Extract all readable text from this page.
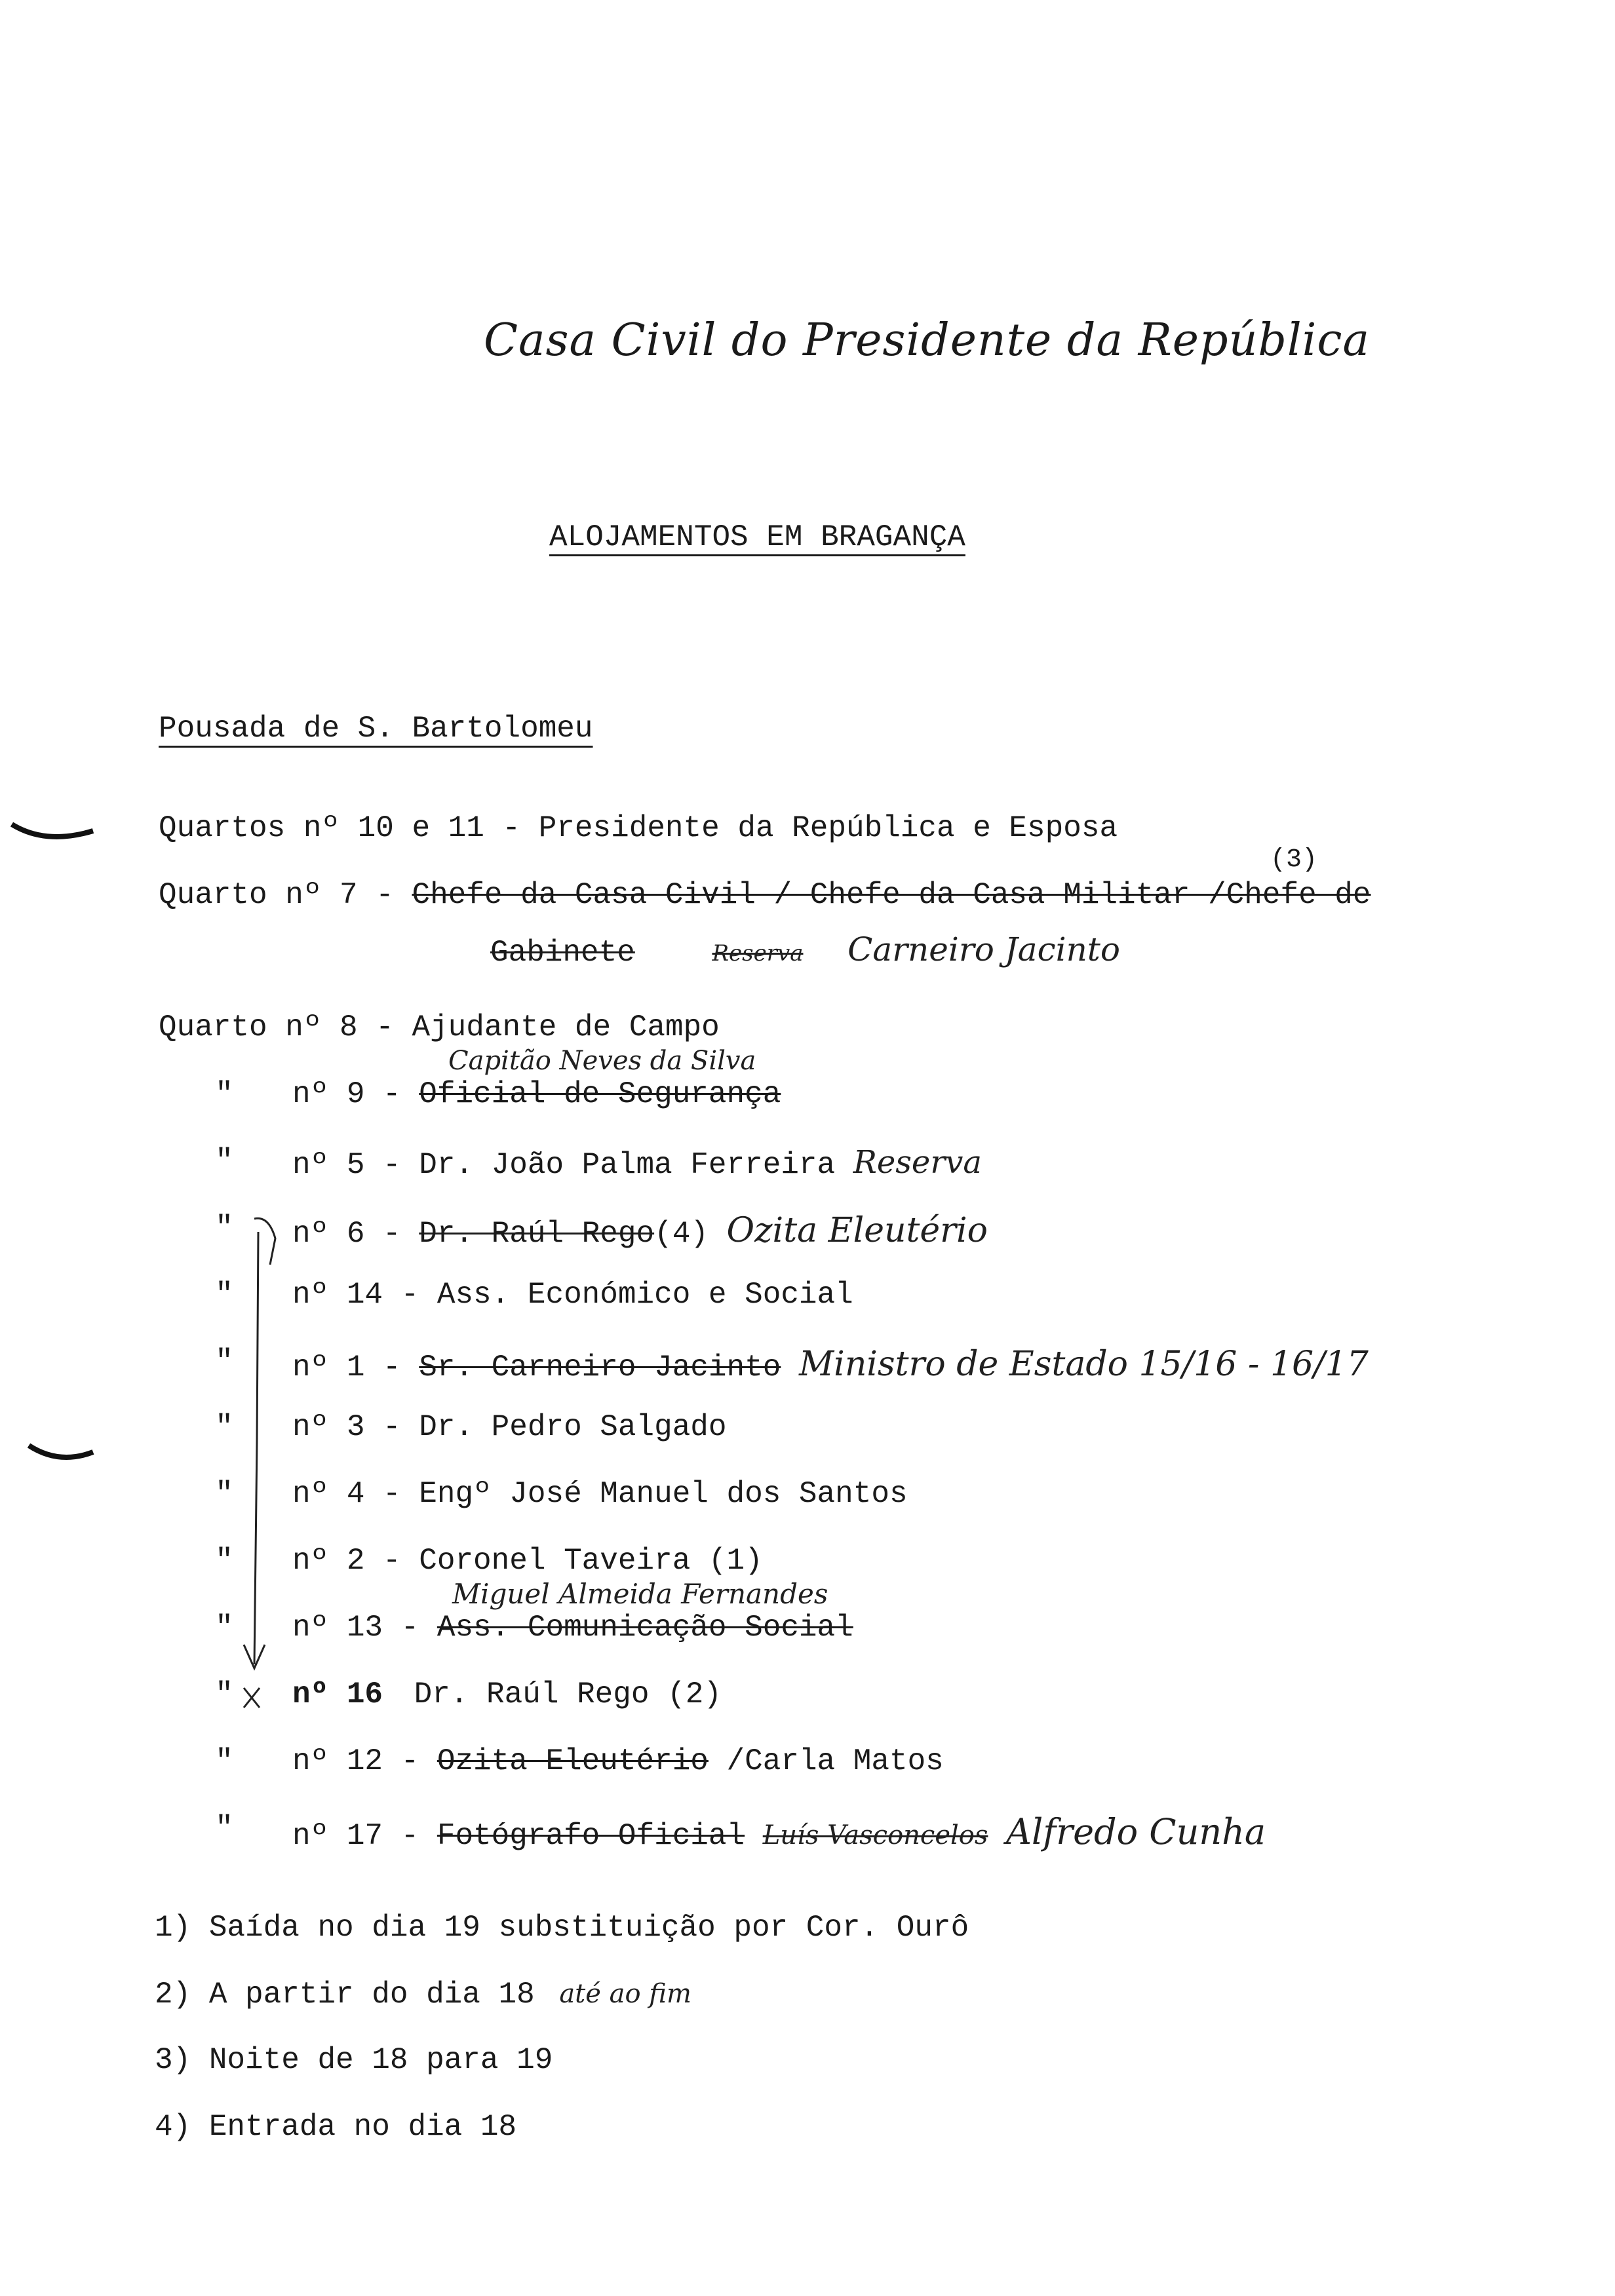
Casa Civil do Presidente da República
ALOJAMENTOS EM BRAGANÇA
Pousada de S. Bartolomeu
Quartos nº 10 e 11 - Presidente da República e Esposa
(3)
Quarto nº 7 - Chefe da Casa Civil / Chefe da Casa Militar /Chefe de
Gabinete	Reserva Carneiro Jacinto
Quarto nº 8 - Ajudante de Campo
Capitão Neves da Silva
" nº 9 - Oficial de Segurança
" nº 5 - Dr. João Palma Ferreira Reserva
" nº 6 - Dr. Raúl Rego(4) Ozita Eleutério
" nº 14 - Ass. Económico e Social
" nº 1 - Sr. Carneiro Jacinto Ministro de Estado 15/16 - 16/17
" nº 3 - Dr. Pedro Salgado
" nº 4 - Engº José Manuel dos Santos
" nº 2 - Coronel Taveira (1)
Miguel Almeida Fernandes
" nº 13 - Ass. Comunicação Social
" nº 16 Dr. Raúl Rego (2)
" nº 12 - Ozita Eleutério /Carla Matos
" nº 17 - Fotógrafo Oficial Luís Vasconcelos Alfredo Cunha
1) Saída no dia 19 substituição por Cor. Ourô
2) A partir do dia 18 até ao fim
3) Noite de 18 para 19
4) Entrada no dia 18
